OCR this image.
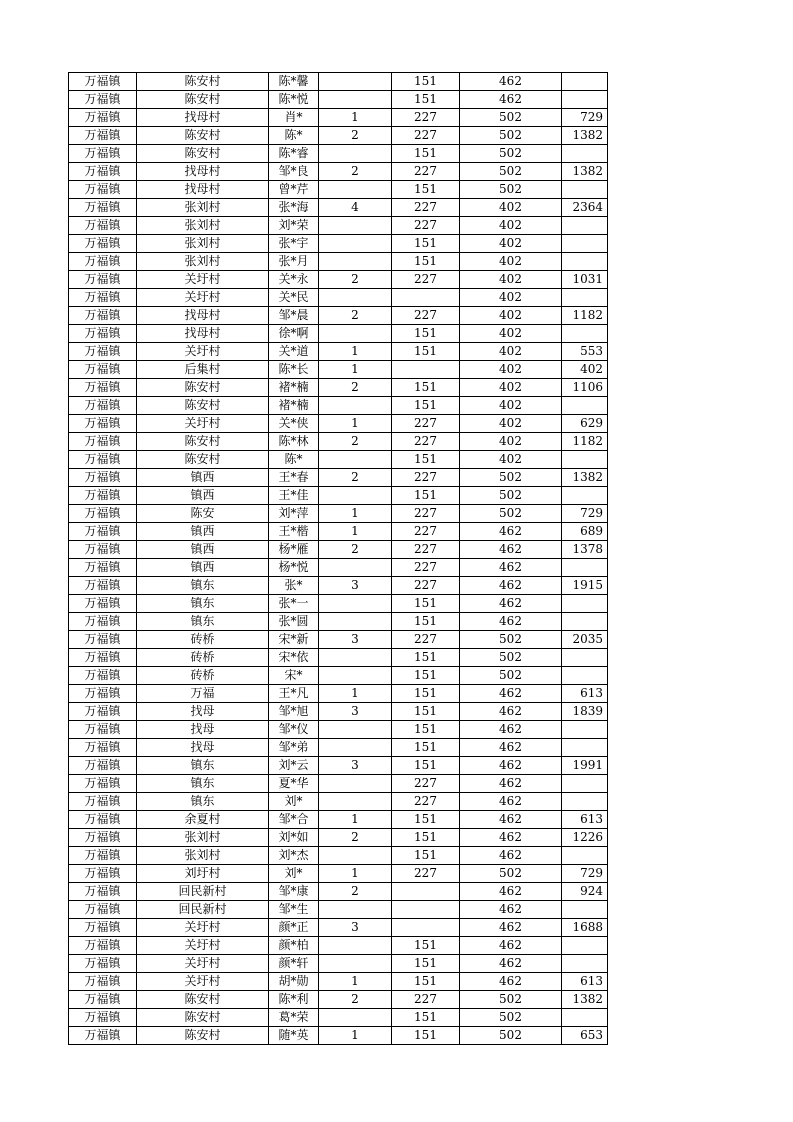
万福镇	陈安村	陈*馨		151	462	
万福镇	陈安村	陈*悦		151	462	
万福镇	找母村	肖*	1	227	502	729
万福镇	陈安村	陈*	2	227	502	1382
万福镇	陈安村	陈*睿		151	502	
万福镇	找母村	邹*良	2	227	502	1382
万福镇	找母村	曾*芹		151	502	
万福镇	张刘村	张*海	4	227	402	2364
万福镇	张刘村	刘*荣		227	402	
万福镇	张刘村	张*宇		151	402	
万福镇	张刘村	张*月		151	402	
万福镇	关圩村	关*永	2	227	402	1031
万福镇	关圩村	关*民			402	
万福镇	找母村	邹*晨	2	227	402	1182
万福镇	找母村	徐*啊		151	402	
万福镇	关圩村	关*道	1	151	402	553
万福镇	后集村	陈*长	1		402	402
万福镇	陈安村	褚*楠	2	151	402	1106
万福镇	陈安村	褚*楠		151	402	
万福镇	关圩村	关*侠	1	227	402	629
万福镇	陈安村	陈*林	2	227	402	1182
万福镇	陈安村	陈*		151	402	
万福镇	镇西	王*春	2	227	502	1382
万福镇	镇西	王*佳		151	502	
万福镇	陈安	刘*萍	1	227	502	729
万福镇	镇西	王*楷	1	227	462	689
万福镇	镇西	杨*雁	2	227	462	1378
万福镇	镇西	杨*悦		227	462	
万福镇	镇东	张*	3	227	462	1915
万福镇	镇东	张*一		151	462	
万福镇	镇东	张*圆		151	462	
万福镇	砖桥	宋*新	3	227	502	2035
万福镇	砖桥	宋*依		151	502	
万福镇	砖桥	宋*		151	502	
万福镇	万福	王*凡	1	151	462	613
万福镇	找母	邹*旭	3	151	462	1839
万福镇	找母	邹*仪		151	462	
万福镇	找母	邹*弟		151	462	
万福镇	镇东	刘*云	3	151	462	1991
万福镇	镇东	夏*华		227	462	
万福镇	镇东	刘*		227	462	
万福镇	余夏村	邹*合	1	151	462	613
万福镇	张刘村	刘*如	2	151	462	1226
万福镇	张刘村	刘*杰		151	462	
万福镇	刘圩村	刘*	1	227	502	729
万福镇	回民新村	邹*康	2		462	924
万福镇	回民新村	邹*生			462	
万福镇	关圩村	颜*正	3		462	1688
万福镇	关圩村	颜*柏		151	462	
万福镇	关圩村	颜*轩		151	462	
万福镇	关圩村	胡*勋	1	151	462	613
万福镇	陈安村	陈*利	2	227	502	1382
万福镇	陈安村	葛*荣		151	502	
万福镇	陈安村	随*英	1	151	502	653
